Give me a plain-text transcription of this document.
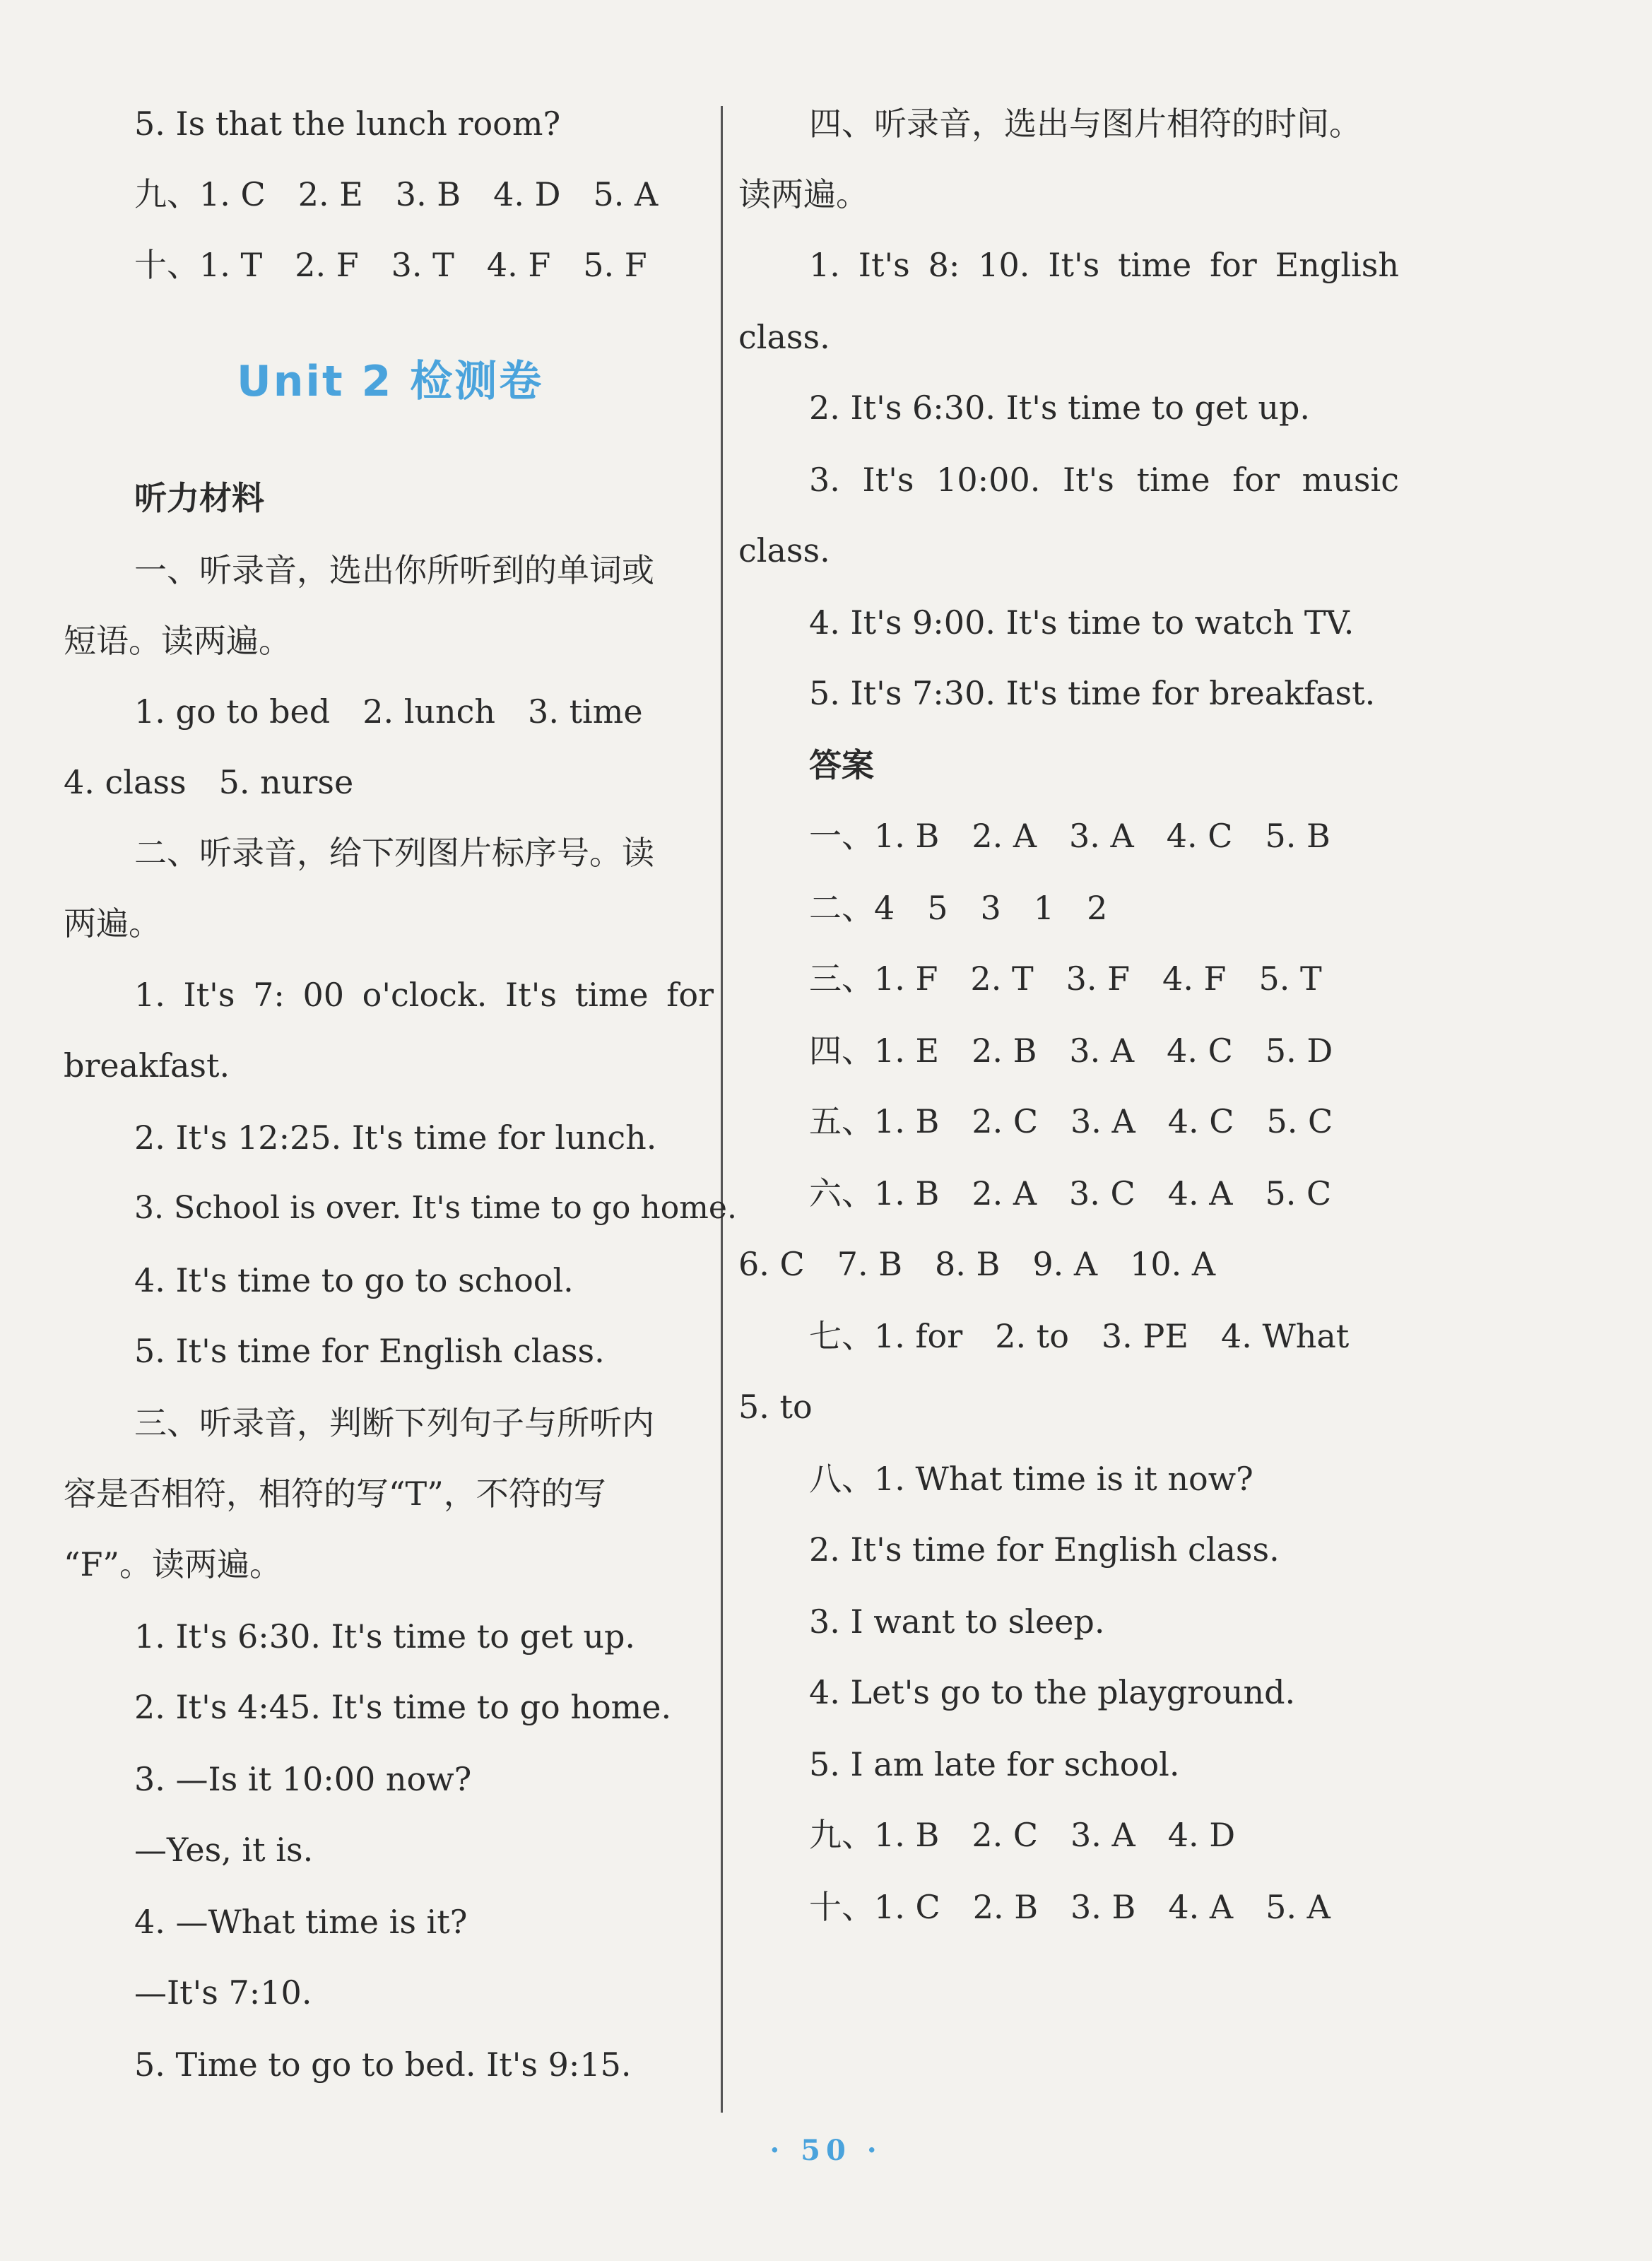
5. Is that the lunch room?
九、1. C　2. E　3. B　4. D　5. A
十、1. T　2. F　3. T　4. F　5. F
Unit 2 检测卷
听力材料
一、听录音，选出你所听到的单词或
短语。读两遍。
1. go to bed　2. lunch　3. time
4. class　5. nurse
二、听录音，给下列图片标序号。读
两遍。
1. It's 7: 00 o'clock. It's time for
breakfast.
2. It's 12:25. It's time for lunch.
3. School is over. It's time to go home.
4. It's time to go to school.
5. It's time for English class.
三、听录音，判断下列句子与所听内
容是否相符，相符的写“T”，不符的写
“F”。读两遍。
1. It's 6:30. It's time to get up.
2. It's 4:45. It's time to go home.
3. —Is it 10:00 now?
—Yes, it is.
4. —What time is it?
—It's 7:10.
5. Time to go to bed. It's 9:15.
四、听录音，选出与图片相符的时间。
读两遍。
1. It's 8: 10. It's time for English
class.
2. It's 6:30. It's time to get up.
3. It's 10:00. It's time for music
class.
4. It's 9:00. It's time to watch TV.
5. It's 7:30. It's time for breakfast.
答案
一、1. B　2. A　3. A　4. C　5. B
二、4　5　3　1　2
三、1. F　2. T　3. F　4. F　5. T
四、1. E　2. B　3. A　4. C　5. D
五、1. B　2. C　3. A　4. C　5. C
六、1. B　2. A　3. C　4. A　5. C
6. C　7. B　8. B　9. A　10. A
七、1. for　2. to　3. PE　4. What
5. to
八、1. What time is it now?
2. It's time for English class.
3. I want to sleep.
4. Let's go to the playground.
5. I am late for school.
九、1. B　2. C　3. A　4. D
十、1. C　2. B　3. B　4. A　5. A
· 50 ·
